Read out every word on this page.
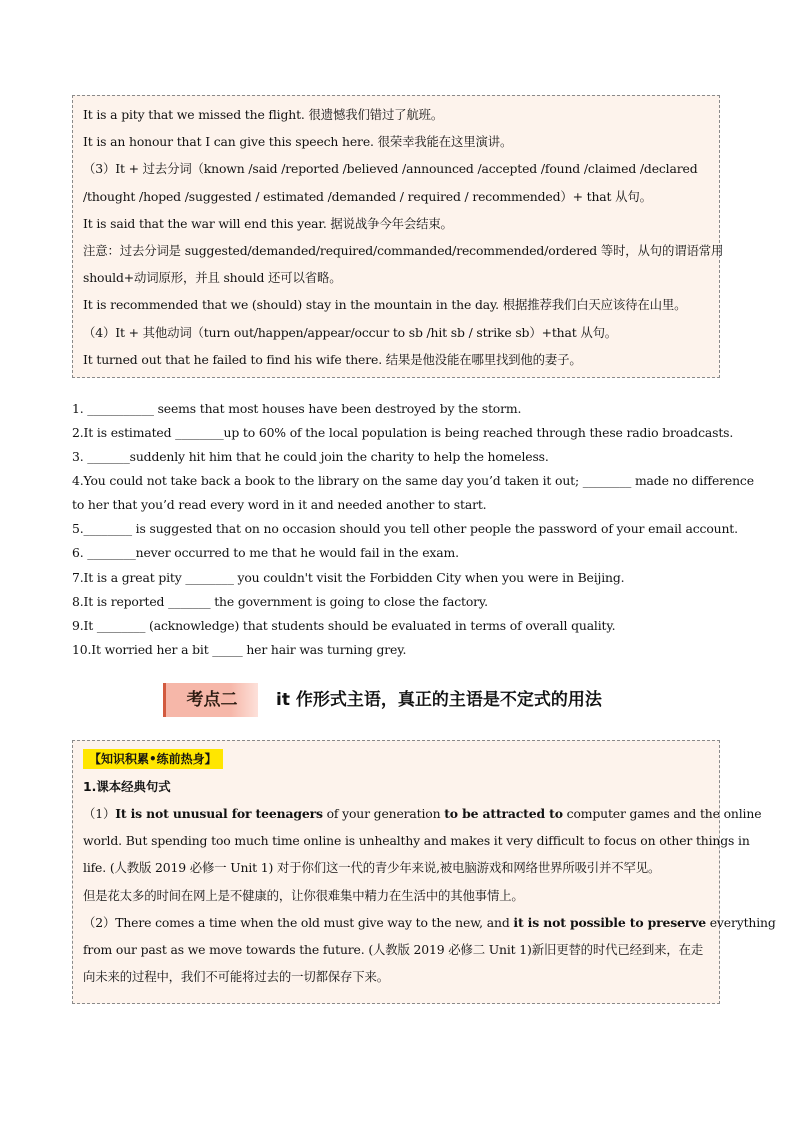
It is a pity that we missed the flight. 很遗憾我们错过了航班。
It is an honour that I can give this speech here. 很荣幸我能在这里演讲。
（3）It + 过去分词（known /said /reported /believed /announced /accepted /found /claimed /declared
/thought /hoped /suggested / estimated /demanded / required / recommended）+ that 从句。
It is said that the war will end this year. 据说战争今年会结束。
注意：过去分词是 suggested/demanded/required/commanded/recommended/ordered 等时，从句的谓语常用
should+动词原形，并且 should 还可以省略。
It is recommended that we (should) stay in the mountain in the day. 根据推荐我们白天应该待在山里。
（4）It + 其他动词（turn out/happen/appear/occur to sb /hit sb / strike sb）+that 从句。
It turned out that he failed to find his wife there. 结果是他没能在哪里找到他的妻子。
1. ___________ seems that most houses have been destroyed by the storm.
2.It is estimated ________up to 60% of the local population is being reached through these radio broadcasts.
3. _______suddenly hit him that he could join the charity to help the homeless.
4.You could not take back a book to the library on the same day you’d taken it out; ________ made no difference
to her that you’d read every word in it and needed another to start.
5.________ is suggested that on no occasion should you tell other people the password of your email account.
6. ________never occurred to me that he would fail in the exam.
7.It is a great pity ________ you couldn't visit the Forbidden City when you were in Beijing.
8.It is reported _______ the government is going to close the factory.
9.It ________ (acknowledge) that students should be evaluated in terms of overall quality.
10.It worried her a bit _____ her hair was turning grey.
考点二	it 作形式主语，真正的主语是不定式的用法
【知识积累•练前热身】
1.课本经典句式
（1）It is not unusual for teenagers of your generation to be attracted to computer games and the online
world. But spending too much time online is unhealthy and makes it very difficult to focus on other things in
life. (人教版 2019 必修一 Unit 1) 对于你们这一代的青少年来说,被电脑游戏和网络世界所吸引并不罕见。
但是花太多的时间在网上是不健康的，让你很难集中精力在生活中的其他事情上。
（2）There comes a time when the old must give way to the new, and it is not possible to preserve everything
from our past as we move towards the future. (人教版 2019 必修二 Unit 1)新旧更替的时代已经到来，在走
向未来的过程中，我们不可能将过去的一切都保存下来。
